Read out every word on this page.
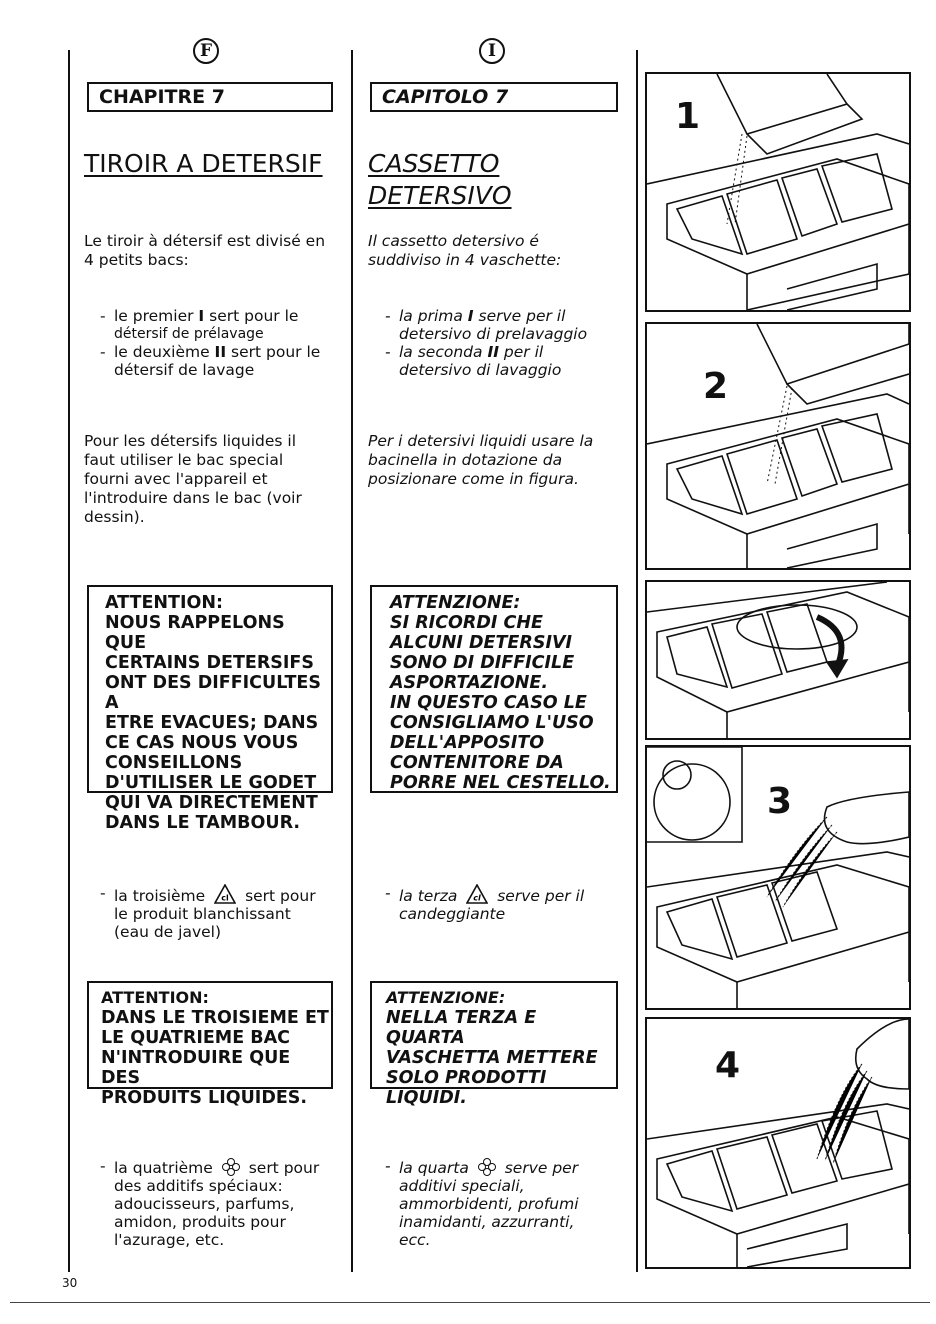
F
CHAPITRE 7
TIROIR A DETERSIF
Le tiroir à détersif est divisé en
4 petits bacs:
- le premier I sert pour le
détersif de prélavage
- le deuxième II sert pour le
détersif de lavage
Pour les détersifs liquides il
faut utiliser le bac special
fourni avec l'appareil et
l'introduire dans le bac (voir
dessin).
ATTENTION:
NOUS RAPPELONS QUE
CERTAINS DETERSIFS
ONT DES DIFFICULTES A
ETRE EVACUES; DANS
CE CAS NOUS VOUS
CONSEILLONS
D'UTILISER LE GODET
QUI VA DIRECTEMENT
DANS LE TAMBOUR.
- la troisième cl sert pour
le produit blanchissant
(eau de javel)
ATTENTION:
DANS LE TROISIEME ET
LE QUATRIEME BAC
N'INTRODUIRE QUE DES
PRODUITS LIQUIDES.
- la quatrième sert pour
des additifs spéciaux:
adoucisseurs, parfums,
amidon, produits pour
l'azurage, etc.
I
CAPITOLO 7
CASSETTO
DETERSIVO
Il cassetto detersivo é
suddiviso in 4 vaschette:
- la prima I serve per il
detersivo di prelavaggio
- la seconda II per il
detersivo di lavaggio
Per i detersivi liquidi usare la
bacinella in dotazione da
posizionare come in figura.
ATTENZIONE:
SI RICORDI CHE
ALCUNI DETERSIVI
SONO DI DIFFICILE
ASPORTAZIONE.
IN QUESTO CASO LE
CONSIGLIAMO L'USO
DELL'APPOSITO
CONTENITORE DA
PORRE NEL CESTELLO.
- la terza cl serve per il
candeggiante
ATTENZIONE:
NELLA TERZA E QUARTA
VASCHETTA METTERE
SOLO PRODOTTI
LIQUIDI.
- la quarta serve per
additivi speciali,
ammorbidenti, profumi
inamidanti, azzurranti,
ecc.
1
2
3
4
30
